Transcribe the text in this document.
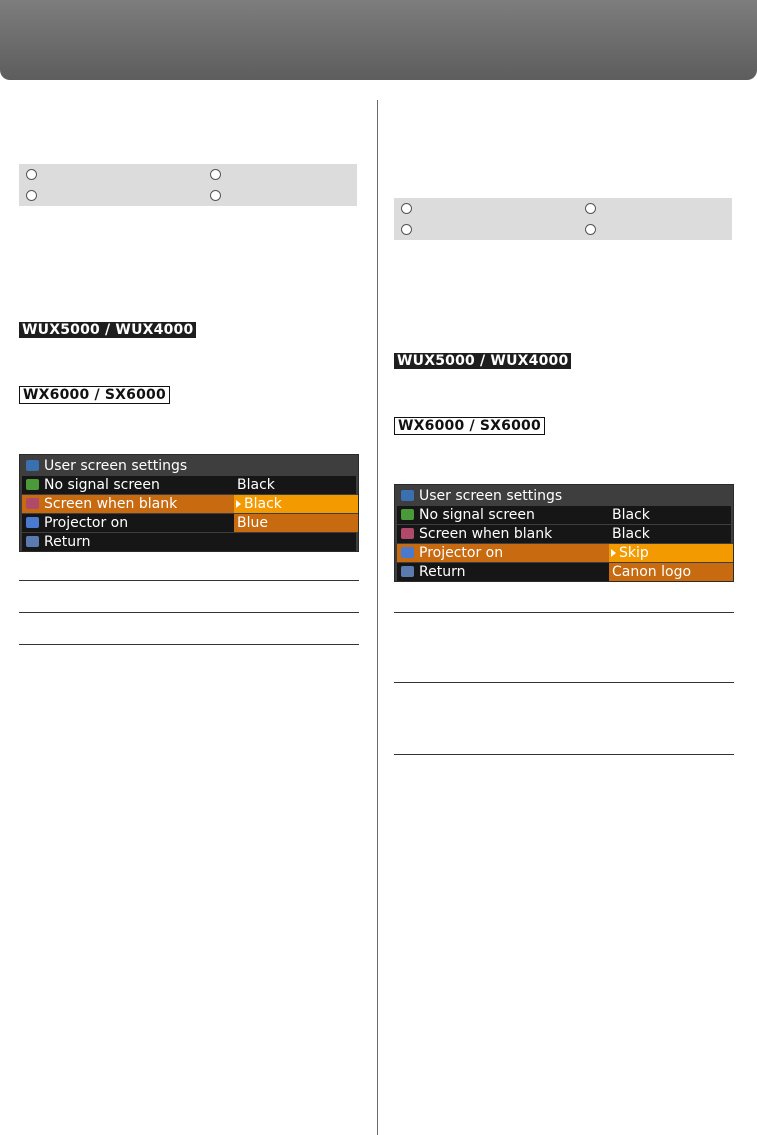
WUX5000 / WUX4000
WX6000 / SX6000
User screen settings
No signal screen	Black
Screen when blank	Black
Projector on	Blue
Return
WUX5000 / WUX4000
WX6000 / SX6000
User screen settings
No signal screen	Black
Screen when blank	Black
Projector on	Skip
Return	Canon logo
